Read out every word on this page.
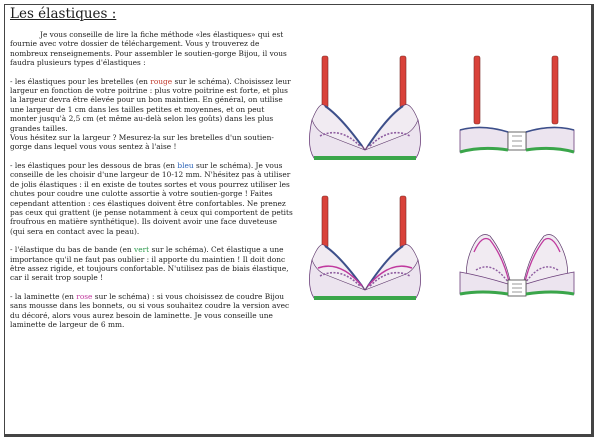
Les élastiques :

Je vous conseille de lire la fiche méthode «les élastiques» qui est fournie avec votre dossier de téléchargement. Vous y trouverez de nombreux renseignements. Pour assembler le soutien-gorge Bijou, il vous faudra plusieurs types d'élastiques :

- les élastiques pour les bretelles (en rouge sur le schéma). Choisissez leur largeur en fonction de votre poitrine : plus votre poitrine est forte, et plus la largeur devra être élevée pour un bon maintien. En général, on utilise une largeur de 1 cm dans les tailles petites et moyennes, et on peut monter jusqu'à 2,5 cm (et même au-delà selon les goûts) dans les plus grandes tailles.
Vous hésitez sur la largeur ? Mesurez-la sur les bretelles d'un soutien-gorge dans lequel vous vous sentez à l'aise !

- les élastiques pour les dessous de bras (en bleu sur le schéma). Je vous conseille de les choisir d'une largeur de 10-12 mm. N'hésitez pas à utiliser de jolis élastiques : il en existe de toutes sortes et vous pourrez utiliser les chutes pour coudre une culotte assortie à votre soutien-gorge ! Faites cependant attention : ces élastiques doivent être confortables. Ne prenez pas ceux qui grattent (je pense notamment à ceux qui comportent de petits froufrous en matière synthétique). Ils doivent avoir une face duveteuse (qui sera en contact avec la peau).

- l'élastique du bas de bande (en vert sur le schéma). Cet élastique a une importance qu'il ne faut pas oublier : il apporte du maintien ! Il doit donc être assez rigide, et toujours confortable. N'utilisez pas de biais élastique, car il serait trop souple !

- la laminette (en rose sur le schéma) : si vous choisissez de coudre Bijou sans mousse dans les bonnets, ou si vous souhaitez coudre la version avec du décoré, alors vous aurez besoin de laminette. Je vous conseille une laminette de largeur de 6 mm.
